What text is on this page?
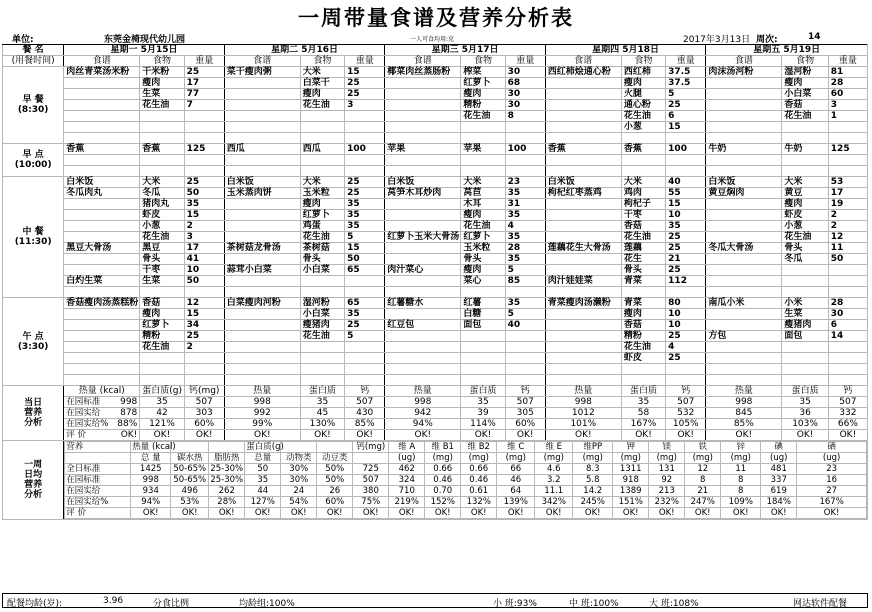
一周带量食谱及营养分析表
单位:	东莞金椅现代幼儿园	一人可食均用:克	2017年3月13日 周次:	14
餐 名	星期一 5月15日	星期二 5月16日	星期三 5月17日	星期四 5月18日	星期五 5月19日
(用餐时间)	食谱	食物	重量	食谱	食物	重量	食谱	食物	重量	食谱	食物	重量	食谱	食物	重量

早 餐
(8:30)
	肉丝青菜汤米粉	干米粉	25	菜干瘦肉粥	大米	15	椰菜肉丝蒸肠粉	榨菜	30	西红柿烩通心粉	西红柿	37.5	肉沫汤河粉	湿河粉	81
	瘦肉	17		白菜干	25		红萝卜	68		瘦肉	37.5		瘦肉	28
	生菜	77		瘦肉	25		瘦肉	30		火腿	5		小白菜	60
	花生油	7		花生油	3		精粉	30		通心粉	25		香菇	3
							花生油	8		花生油	6		花生油	1
										小葱	15			

早 点
(10:00)
	香蕉	香蕉	125	西瓜	西瓜	100	苹果	苹果	100	香蕉	香蕉	100	牛奶	牛奶	125

中 餐
(11:30)
	白米饭	大米	25	白米饭	大米	25	白米饭	大米	23	白米饭	大米	40	白米饭	大米	53
冬瓜肉丸	冬瓜	50	玉米蒸肉饼	玉米粒	25	莴笋木耳炒肉	莴苣	35	枸杞红枣蒸鸡	鸡肉	55	黄豆焖肉	黄豆	17
	猪肉丸	35		瘦肉	35		木耳	31		枸杞子	15		瘦肉	19
	虾皮	15		红萝卜	35		瘦肉	35		干枣	10		虾皮	2
	小葱	2		鸡蛋	35		花生油	4		香菇	35		小葱	2
	花生油	3		花生油	5	红萝卜玉米大骨汤	红萝卜	35		花生油	25		花生油	12
黑豆大骨汤	黑豆	17	茶树菇龙骨汤	茶树菇	15		玉米粒	28	莲藕花生大骨汤	莲藕	25	冬瓜大骨汤	骨头	11
	骨头	41		骨头	50		骨头	35		花生	21		冬瓜	50
	干枣	10	蒜茸小白菜	小白菜	65	肉汁菜心	瘦肉	5		骨头	25			
白灼生菜	生菜	50					菜心	85	肉汁娃娃菜	青菜	112			

午 点
(3:30)
	香菇瘦肉汤蒸糕粉	香菇	12	白菜瘦肉河粉	湿河粉	65	红薯糖水	红薯	35	青菜瘦肉汤濑粉	青菜	80	南瓜小米	小米	28
	瘦肉	15		小白菜	35		白糖	5		瘦肉	10		生菜	30
	红萝卜	34		瘦猪肉	25	红豆包	面包	40		香菇	10		瘦猪肉	6
	精粉	25		花生油	5					精粉	25	方包	面包	14
	花生油	2								花生油	4			
										虾皮	25			

当日
营养
分析
	热量 (kcal)	蛋白质(g)	钙(mg)	热量	蛋白质	钙	热量	蛋白质	钙	热量	蛋白质	钙	热量	蛋白质	钙

在园标准 998	35	507	998	35	507	998	35	507	998	35	507	998	35	507

在园实给 878	42	303	992	45	430	942	39	305	1012	58	532	845	36	332

在园实给% 88%	121%	60%	99%	130%	85%	94%	114%	60%	101%	167%	105%	85%	103%	66%

评 价	OK!	OK!	OK!	OK!	OK!	OK!	OK!	OK!	OK!	OK!	OK!	OK!	OK!	OK!	OK!

一周
日均
营养
分析

营养	热量 (kcal)			蛋白质(g)			钙(mg)	维 A	维 B1	维 B2	维 C	维 E	维PP	钾	镁	铁	锌	碘	硒
	总 量	碳水热	脂肪热	总量	动物类	动豆类		(ug)	(mg)	(mg)	(mg)	(mg)	(mg)	(mg)	(mg)	(mg)	(mg)	(ug)	(ug)
全日标准	1425	50-65%	25-30%	50	30%	50%	725	462	0.66	0.66	66	4.6	8.3	1311	131	12	11	481	23
在园标准	998	50-65%	25-30%	35	30%	50%	507	324	0.46	0.46	46	3.2	5.8	918	92	8	8	337	16
在园实给	934	496	262	44	24	26	380	710	0.70	0.61	64	11.1	14.2	1389	213	21	8	619	27
在园实给%	94%	53%	28%	127%	54%	60%	75%	219%	152%	132%	139%	342%	245%	151%	232%	247%	109%	184%	167%
评 价	OK!	OK!	OK!	OK!	OK!	OK!	OK!	OK!	OK!	OK!	OK!	OK!	OK!	OK!	OK!	OK!	OK!	OK!	OK!
配餐均龄(岁):	3.96	分食比例	均龄组:100%	小 班:93%	中 班:100%	大 班:108%	网达软件配餐
